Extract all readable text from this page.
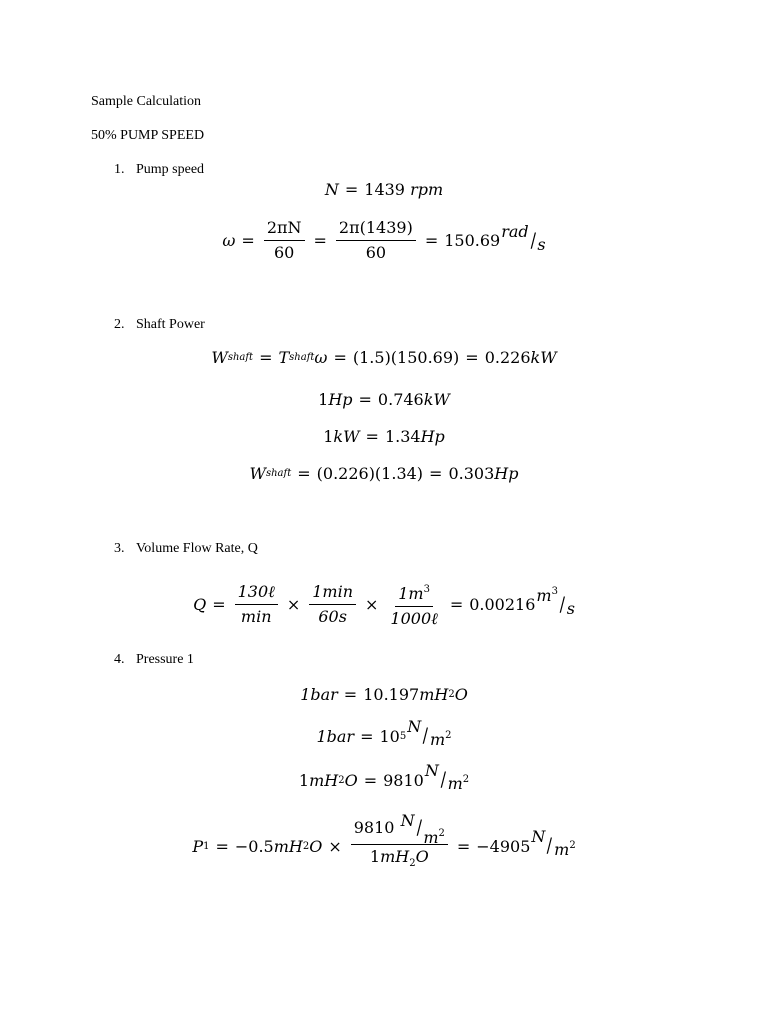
Sample Calculation
50% PUMP SPEED
1. Pump speed
N = 1439
rpm
$\omega = \frac{2\pi N}{60} = \frac{2\pi(1439)}{60} = 150.69$ rad / s
2. Shaft Power
W shaft = T shaft ω = (1.5)(150.69) = 0.226 kW
1 Hp = 0.746 kW
1 kW = 1.34 Hp
W shaft = (0.226)(1.34) = 0.303 Hp
3. Volume Flow Rate, Q
$Q = \frac{\text{130ℓ}}{\min} \times \frac{1\min}{60s} \times \frac{1m^3}{\text{1000ℓ}} = 0.00216$ $m^3$
/ s
4. Pressure 1
1bar = 10.197 mH 2 O
1bar = 10 5 N / $m^2$
1 mH 2 O = 9810 N / $m^2$
P 1 = −0.5 mH 2 $O \times \frac{9810 N / m^2}{1mH_2O} = -4905$ N / $m^2$
